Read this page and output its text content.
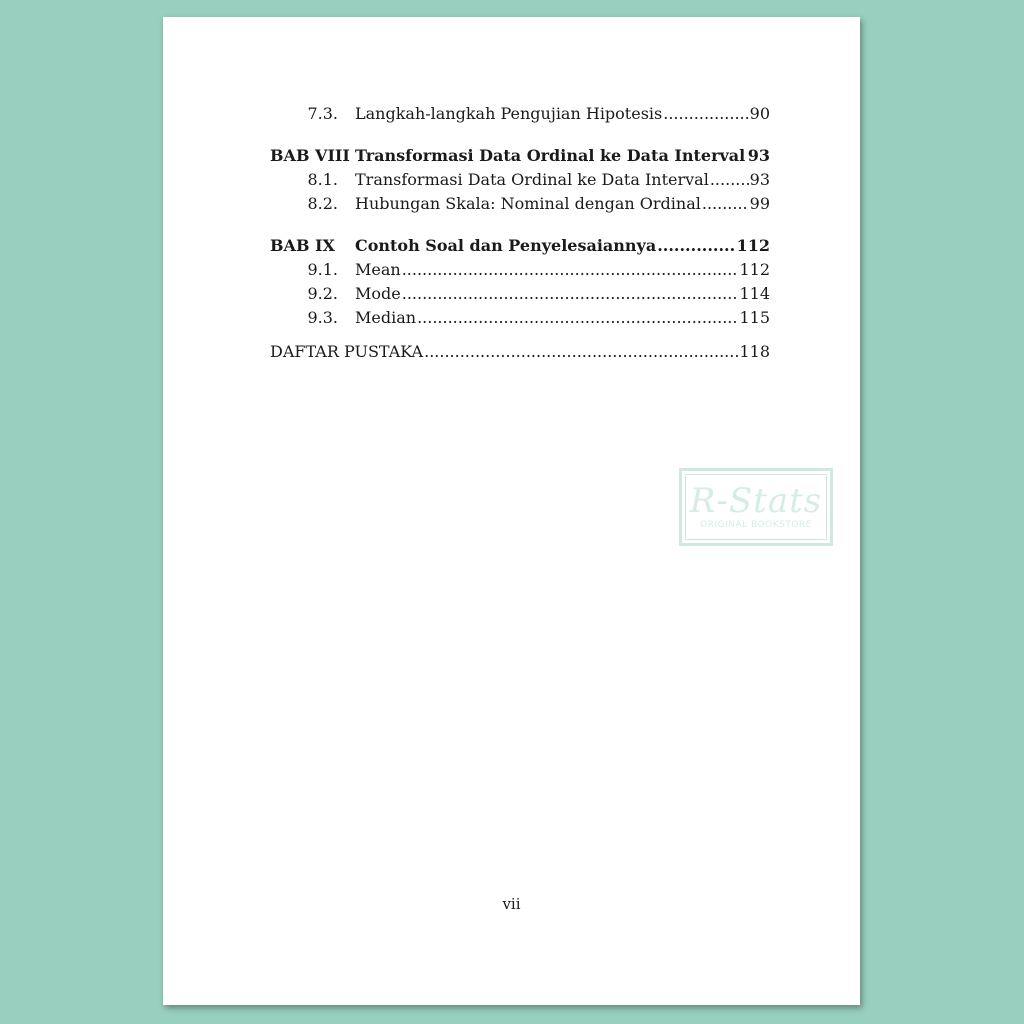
7.3.	Langkah-langkah Pengujian Hipotesis .....	90
BAB VIII Transformasi Data Ordinal ke Data Interval ..... 93
8.1.	Transformasi Data Ordinal ke Data Interval .....	93
8.2.	Hubungan Skala: Nominal dengan Ordinal .....	99
BAB IX	Contoh Soal dan Penyelesaiannya .....	112
9.1.	Mean .....	112
9.2.	Mode .....	114
9.3.	Median .....	115
DAFTAR PUSTAKA .....	118
R-Stats
ORIGINAL BOOKSTORE
vii
